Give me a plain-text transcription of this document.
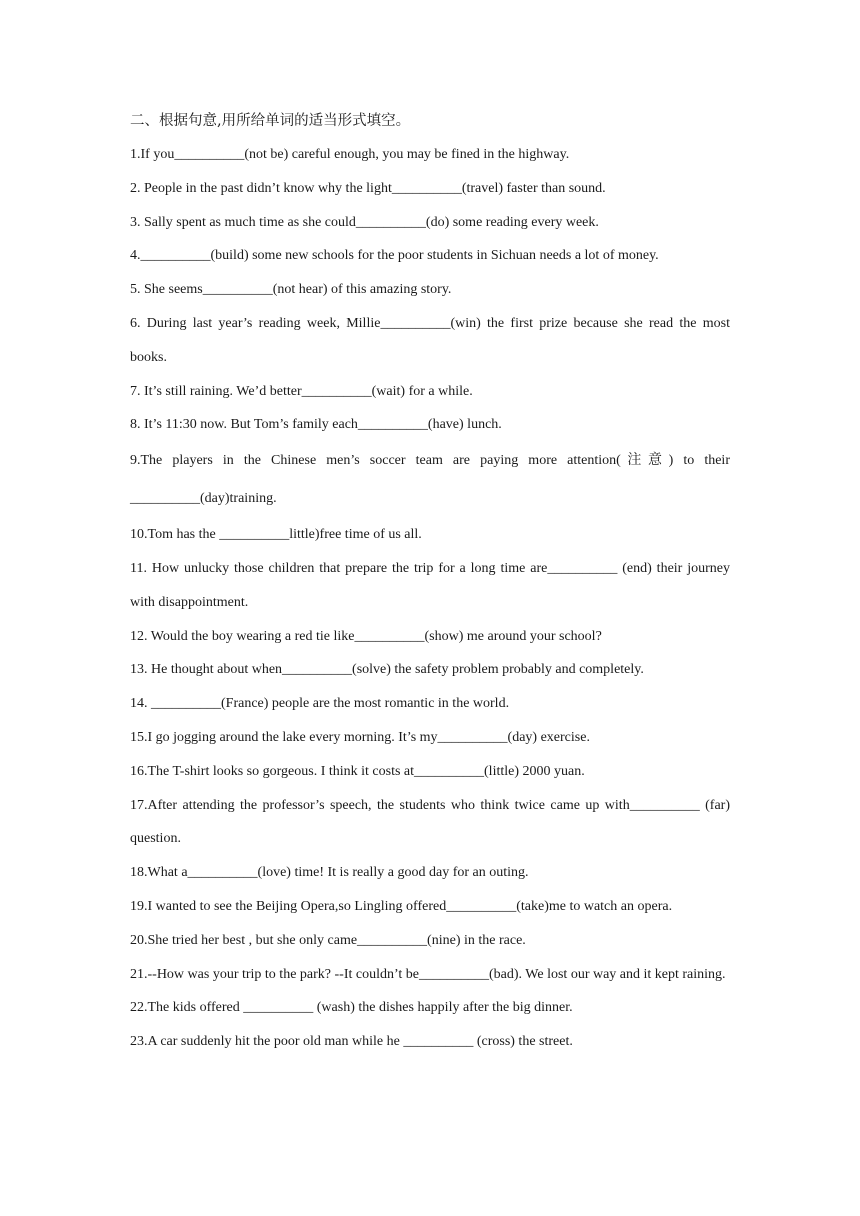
二、根据句意,用所给单词的适当形式填空。

1.If you__________(not be) careful enough, you may be fined in the highway.

2. People in the past didn’t know why the light__________(travel) faster than sound.

3. Sally spent as much time as she could__________(do) some reading every week.

4.__________(build) some new schools for the poor students in Sichuan needs a lot of money.

5. She seems__________(not hear) of this amazing story.

6. During last year’s reading week, Millie__________(win) the first prize because she read the most books.

7. It’s still raining. We’d better__________(wait) for a while.

8. It’s 11:30 now. But Tom’s family each__________(have) lunch.

9.The players in the Chinese men’s soccer team are paying more attention(注意) to their __________(day)training.

10.Tom has the __________little)free time of us all.

11. How unlucky those children that prepare the trip for a long time are__________ (end) their journey with disappointment.

12. Would the boy wearing a red tie like__________(show) me around your school?

13. He thought about when__________(solve) the safety problem probably and completely.

14. __________(France) people are the most romantic in the world.

15.I go jogging around the lake every morning. It’s my__________(day) exercise.

16.The T-shirt looks so gorgeous. I think it costs at__________(little) 2000 yuan.

17.After attending the professor’s speech, the students who think twice came up with__________ (far) question.

18.What a__________(love) time! It is really a good day for an outing.

19.I wanted to see the Beijing Opera,so Lingling offered__________(take)me to watch an opera.

20.She tried her best , but she only came__________(nine) in the race.

21.--How was your trip to the park? --It couldn’t be__________(bad). We lost our way and it kept raining.

22.The kids offered __________ (wash) the dishes happily after the big dinner.

23.A car suddenly hit the poor old man while he __________ (cross) the street.
